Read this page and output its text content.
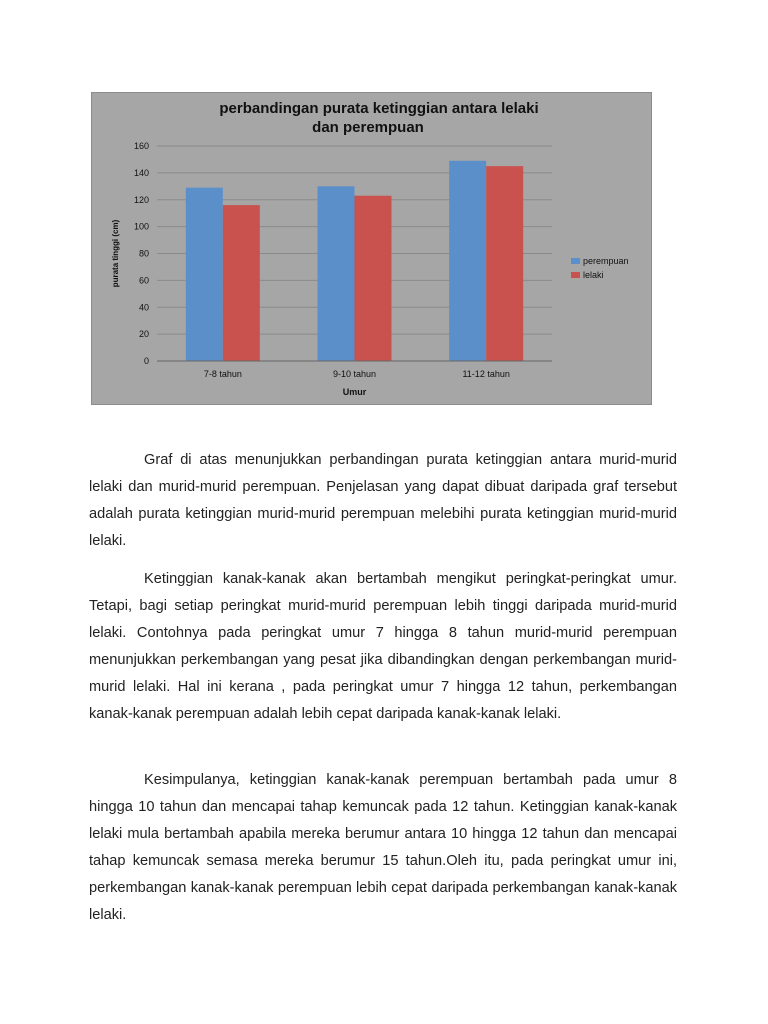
perbandingan purata ketinggian antara lelaki
dan perempuan
0
20
40
60
80
100
120
140
160
purata tinggi (cm)
7-8 tahun	9-10 tahun	11-12 tahun
Umur
perempuan
lelaki

Graf di atas menunjukkan perbandingan purata ketinggian antara murid-murid lelaki dan murid-murid perempuan. Penjelasan yang dapat dibuat daripada graf tersebut adalah purata ketinggian murid-murid perempuan melebihi purata ketinggian murid-murid lelaki.

Ketinggian kanak-kanak akan bertambah mengikut peringkat-peringkat umur. Tetapi, bagi setiap peringkat murid-murid perempuan lebih tinggi daripada murid-murid lelaki. Contohnya pada peringkat umur 7 hingga 8 tahun murid-murid perempuan menunjukkan perkembangan yang pesat jika dibandingkan dengan perkembangan murid-murid lelaki. Hal ini kerana , pada peringkat umur 7 hingga 12 tahun, perkembangan kanak-kanak perempuan adalah lebih cepat daripada kanak-kanak lelaki.

Kesimpulanya, ketinggian kanak-kanak perempuan bertambah pada umur 8 hingga 10 tahun dan mencapai tahap kemuncak pada 12 tahun. Ketinggian kanak-kanak lelaki mula bertambah apabila mereka berumur antara 10 hingga 12 tahun dan mencapai tahap kemuncak semasa mereka berumur 15 tahun.Oleh itu, pada peringkat umur ini, perkembangan kanak-kanak perempuan lebih cepat daripada perkembangan kanak-kanak lelaki.
